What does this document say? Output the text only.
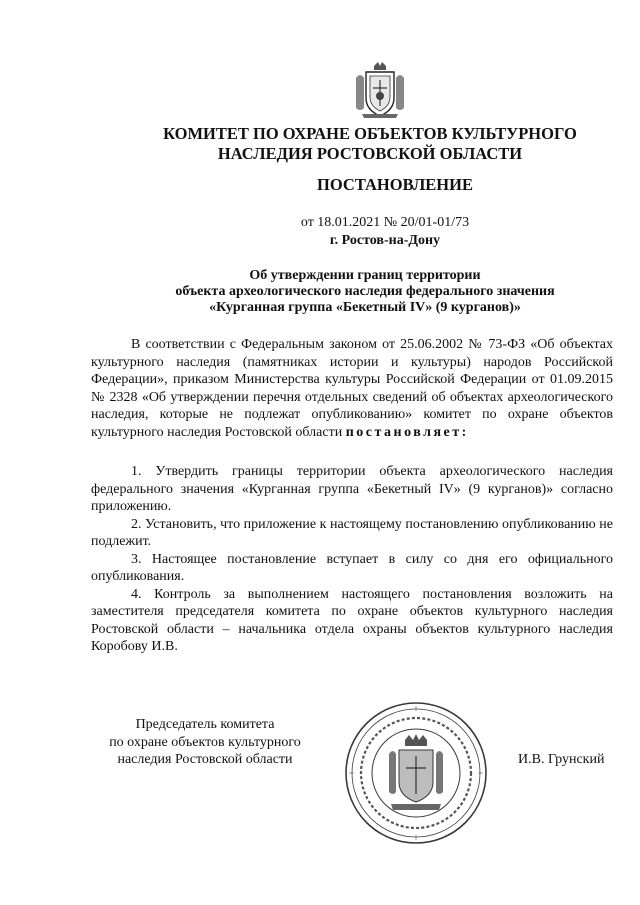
КОМИТЕТ ПО ОХРАНЕ ОБЪЕКТОВ КУЛЬТУРНОГО
НАСЛЕДИЯ РОСТОВСКОЙ ОБЛАСТИ
ПОСТАНОВЛЕНИЕ
от 18.01.2021 № 20/01-01/73
г. Ростов-на-Дону
Об утверждении границ территории
объекта археологического наследия федерального значения
«Курганная группа «Бекетный IV» (9 курганов)»

В соответствии с Федеральным законом от 25.06.2002 № 73-ФЗ «Об объектах культурного наследия (памятниках истории и культуры) народов Российской Федерации», приказом Министерства культуры Российской Федерации от 01.09.2015 № 2328 «Об утверждении перечня отдельных сведений об объектах археологического наследия, которые не подлежат опубликованию» комитет по охране объектов культурного наследия Ростовской области постановляет:

1. Утвердить границы территории объекта археологического наследия федерального значения «Курганная группа «Бекетный IV» (9 курганов)» согласно приложению.

2. Установить, что приложение к настоящему постановлению опубликованию не подлежит.

3. Настоящее постановление вступает в силу со дня его официального опубликования.

4. Контроль за выполнением настоящего постановления возложить на заместителя председателя комитета по охране объектов культурного наследия Ростовской области – начальника отдела охраны объектов культурного наследия Коробову И.В.

Председатель комитета
по охране объектов культурного
наследия Ростовской области	И.В. Грунский
